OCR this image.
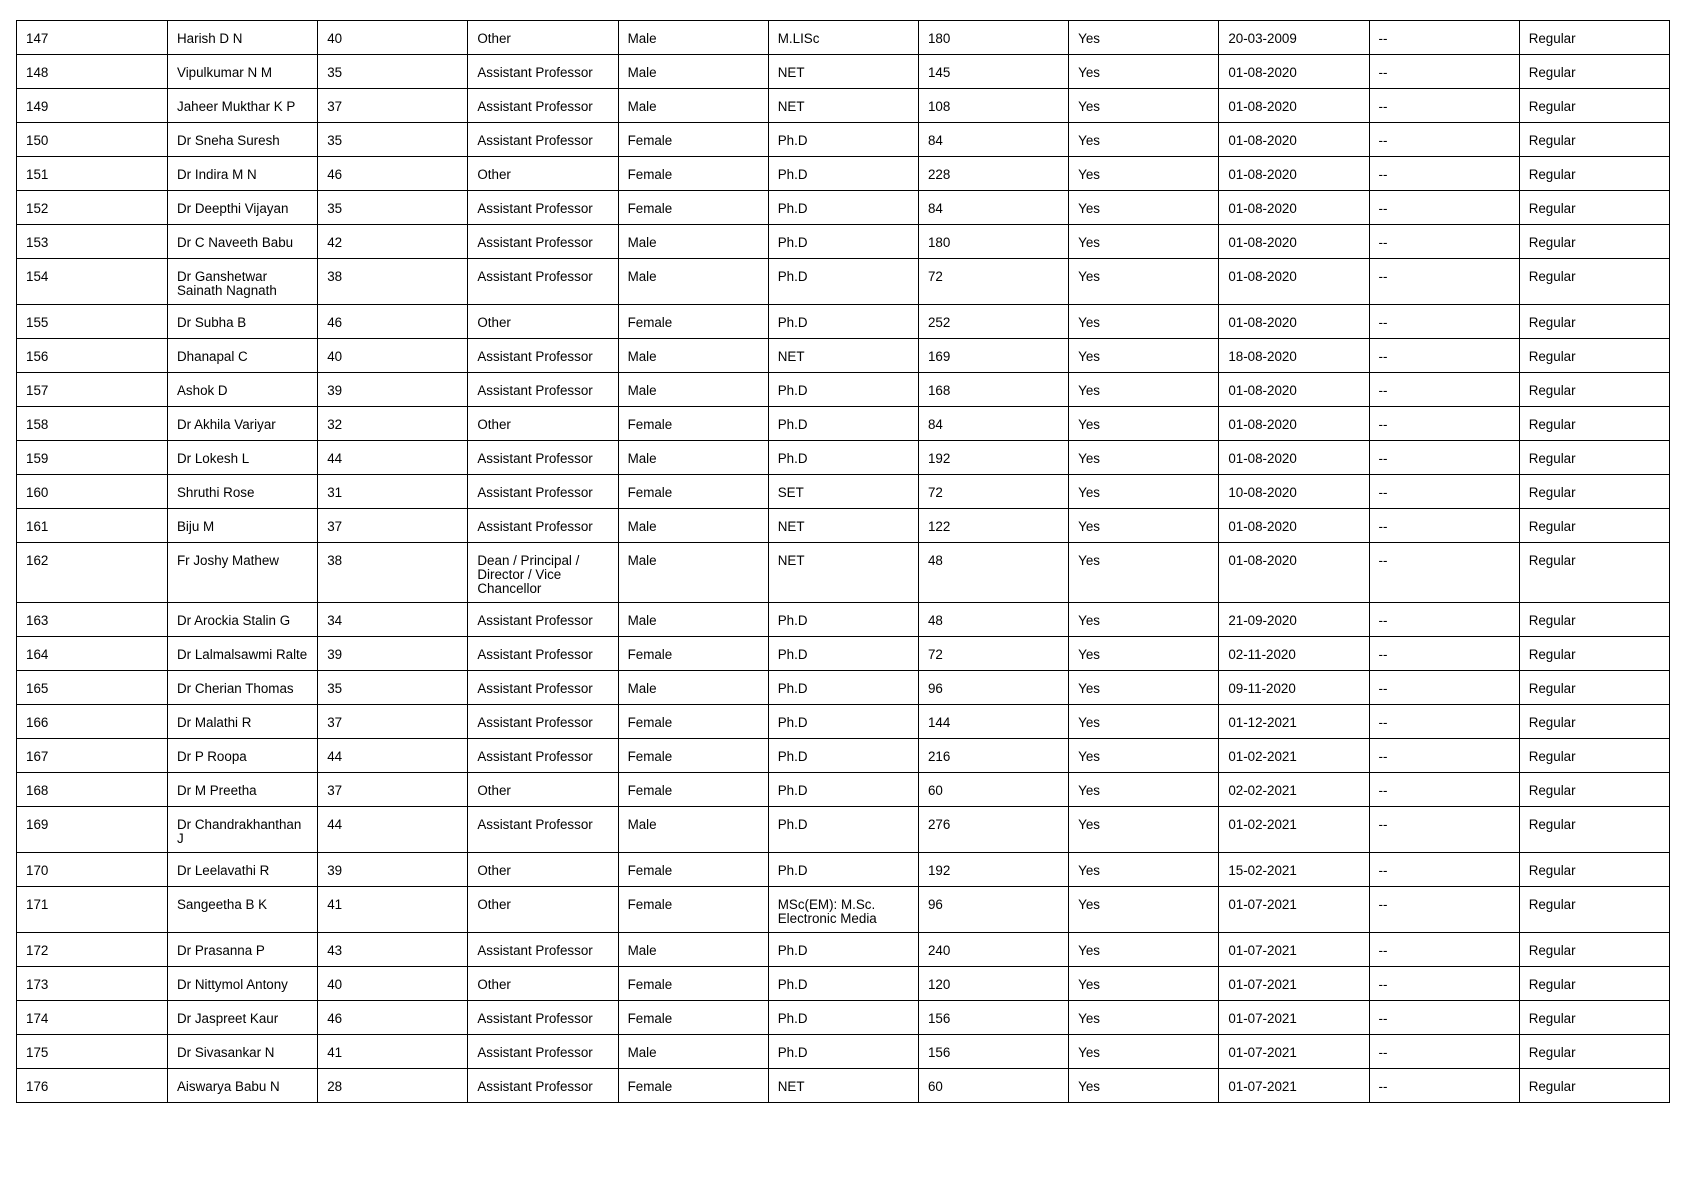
147	Harish D N	40	Other	Male	M.LISc	180	Yes	20-03-2009	--	Regular
148	Vipulkumar N M	35	Assistant Professor	Male	NET	145	Yes	01-08-2020	--	Regular
149	Jaheer Mukthar K P	37	Assistant Professor	Male	NET	108	Yes	01-08-2020	--	Regular
150	Dr Sneha Suresh	35	Assistant Professor	Female	Ph.D	84	Yes	01-08-2020	--	Regular
151	Dr Indira M N	46	Other	Female	Ph.D	228	Yes	01-08-2020	--	Regular
152	Dr Deepthi Vijayan	35	Assistant Professor	Female	Ph.D	84	Yes	01-08-2020	--	Regular
153	Dr C Naveeth Babu	42	Assistant Professor	Male	Ph.D	180	Yes	01-08-2020	--	Regular
154	Dr Ganshetwar Sainath Nagnath	38	Assistant Professor	Male	Ph.D	72	Yes	01-08-2020	--	Regular
155	Dr Subha B	46	Other	Female	Ph.D	252	Yes	01-08-2020	--	Regular
156	Dhanapal C	40	Assistant Professor	Male	NET	169	Yes	18-08-2020	--	Regular
157	Ashok D	39	Assistant Professor	Male	Ph.D	168	Yes	01-08-2020	--	Regular
158	Dr Akhila Variyar	32	Other	Female	Ph.D	84	Yes	01-08-2020	--	Regular
159	Dr Lokesh L	44	Assistant Professor	Male	Ph.D	192	Yes	01-08-2020	--	Regular
160	Shruthi Rose	31	Assistant Professor	Female	SET	72	Yes	10-08-2020	--	Regular
161	Biju M	37	Assistant Professor	Male	NET	122	Yes	01-08-2020	--	Regular
162	Fr Joshy Mathew	38	Dean / Principal / Director / Vice Chancellor	Male	NET	48	Yes	01-08-2020	--	Regular
163	Dr Arockia Stalin G	34	Assistant Professor	Male	Ph.D	48	Yes	21-09-2020	--	Regular
164	Dr Lalmalsawmi Ralte	39	Assistant Professor	Female	Ph.D	72	Yes	02-11-2020	--	Regular
165	Dr Cherian Thomas	35	Assistant Professor	Male	Ph.D	96	Yes	09-11-2020	--	Regular
166	Dr Malathi R	37	Assistant Professor	Female	Ph.D	144	Yes	01-12-2021	--	Regular
167	Dr P Roopa	44	Assistant Professor	Female	Ph.D	216	Yes	01-02-2021	--	Regular
168	Dr M Preetha	37	Other	Female	Ph.D	60	Yes	02-02-2021	--	Regular
169	Dr Chandrakhanthan J	44	Assistant Professor	Male	Ph.D	276	Yes	01-02-2021	--	Regular
170	Dr Leelavathi R	39	Other	Female	Ph.D	192	Yes	15-02-2021	--	Regular
171	Sangeetha B K	41	Other	Female	MSc(EM): M.Sc. Electronic Media	96	Yes	01-07-2021	--	Regular
172	Dr Prasanna P	43	Assistant Professor	Male	Ph.D	240	Yes	01-07-2021	--	Regular
173	Dr Nittymol Antony	40	Other	Female	Ph.D	120	Yes	01-07-2021	--	Regular
174	Dr Jaspreet Kaur	46	Assistant Professor	Female	Ph.D	156	Yes	01-07-2021	--	Regular
175	Dr Sivasankar N	41	Assistant Professor	Male	Ph.D	156	Yes	01-07-2021	--	Regular
176	Aiswarya Babu N	28	Assistant Professor	Female	NET	60	Yes	01-07-2021	--	Regular
